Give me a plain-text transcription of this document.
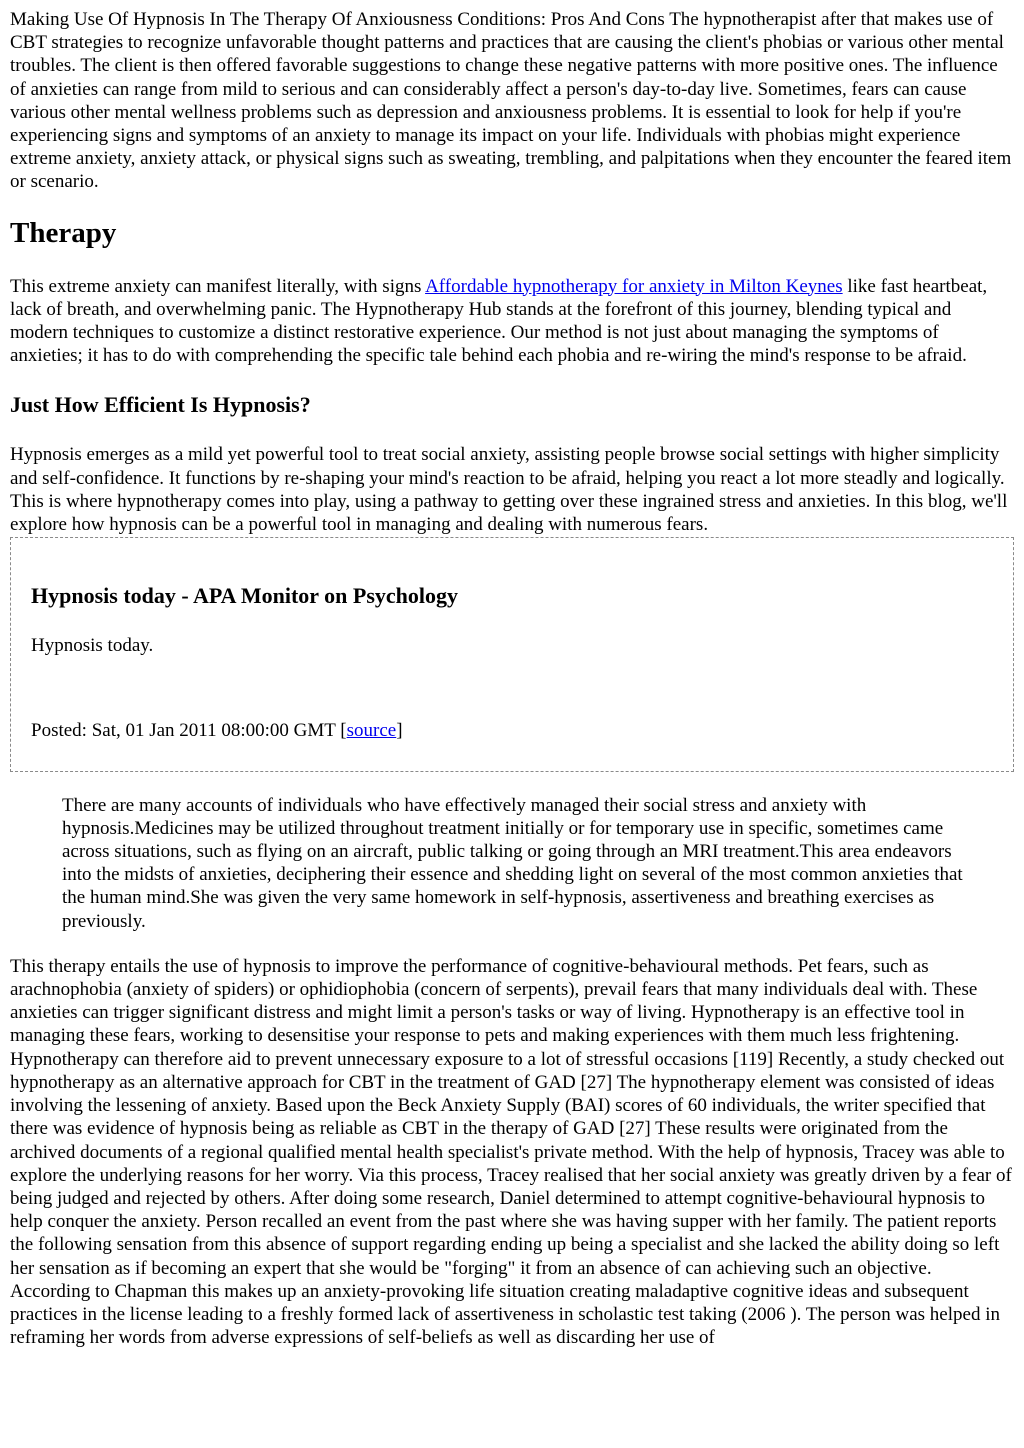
Making Use Of Hypnosis In The Therapy Of Anxiousness Conditions: Pros And Cons The hypnotherapist after that makes use of CBT strategies to recognize unfavorable thought patterns and practices that are causing the client's phobias or various other mental troubles. The client is then offered favorable suggestions to change these negative patterns with more positive ones. The influence of anxieties can range from mild to serious and can considerably affect a person's day-to-day live. Sometimes, fears can cause various other mental wellness problems such as depression and anxiousness problems. It is essential to look for help if you're experiencing signs and symptoms of an anxiety to manage its impact on your life. Individuals with phobias might experience extreme anxiety, anxiety attack, or physical signs such as sweating, trembling, and palpitations when they encounter the feared item or scenario.

Therapy

This extreme anxiety can manifest literally, with signs Affordable hypnotherapy for anxiety in Milton Keynes like fast heartbeat, lack of breath, and overwhelming panic. The Hypnotherapy Hub stands at the forefront of this journey, blending typical and modern techniques to customize a distinct restorative experience. Our method is not just about managing the symptoms of anxieties; it has to do with comprehending the specific tale behind each phobia and re-wiring the mind's response to be afraid.

Just How Efficient Is Hypnosis?

Hypnosis emerges as a mild yet powerful tool to treat social anxiety, assisting people browse social settings with higher simplicity and self-confidence. It functions by re-shaping your mind's reaction to be afraid, helping you react a lot more steadly and logically. This is where hypnotherapy comes into play, using a pathway to getting over these ingrained stress and anxieties. In this blog, we'll explore how hypnosis can be a powerful tool in managing and dealing with numerous fears.

Hypnosis today - APA Monitor on Psychology

Hypnosis today.

Posted: Sat, 01 Jan 2011 08:00:00 GMT [source]

There are many accounts of individuals who have effectively managed their social stress and anxiety with hypnosis.Medicines may be utilized throughout treatment initially or for temporary use in specific, sometimes came across situations, such as flying on an aircraft, public talking or going through an MRI treatment.This area endeavors into the midsts of anxieties, deciphering their essence and shedding light on several of the most common anxieties that the human mind.She was given the very same homework in self-hypnosis, assertiveness and breathing exercises as previously.

This therapy entails the use of hypnosis to improve the performance of cognitive-behavioural methods. Pet fears, such as arachnophobia (anxiety of spiders) or ophidiophobia (concern of serpents), prevail fears that many individuals deal with. These anxieties can trigger significant distress and might limit a person's tasks or way of living. Hypnotherapy is an effective tool in managing these fears, working to desensitise your response to pets and making experiences with them much less frightening. Hypnotherapy can therefore aid to prevent unnecessary exposure to a lot of stressful occasions [119] Recently, a study checked out hypnotherapy as an alternative approach for CBT in the treatment of GAD [27] The hypnotherapy element was consisted of ideas involving the lessening of anxiety. Based upon the Beck Anxiety Supply (BAI) scores of 60 individuals, the writer specified that there was evidence of hypnosis being as reliable as CBT in the therapy of GAD [27] These results were originated from the archived documents of a regional qualified mental health specialist's private method. With the help of hypnosis, Tracey was able to explore the underlying reasons for her worry. Via this process, Tracey realised that her social anxiety was greatly driven by a fear of being judged and rejected by others. After doing some research, Daniel determined to attempt cognitive-behavioural hypnosis to help conquer the anxiety. Person recalled an event from the past where she was having supper with her family. The patient reports the following sensation from this absence of support regarding ending up being a specialist and she lacked the ability doing so left her sensation as if becoming an expert that she would be "forging" it from an absence of can achieving such an objective. According to Chapman this makes up an anxiety-provoking life situation creating maladaptive cognitive ideas and subsequent practices in the license leading to a freshly formed lack of assertiveness in scholastic test taking (2006 ). The person was helped in reframing her words from adverse expressions of self-beliefs as well as discarding her use of
